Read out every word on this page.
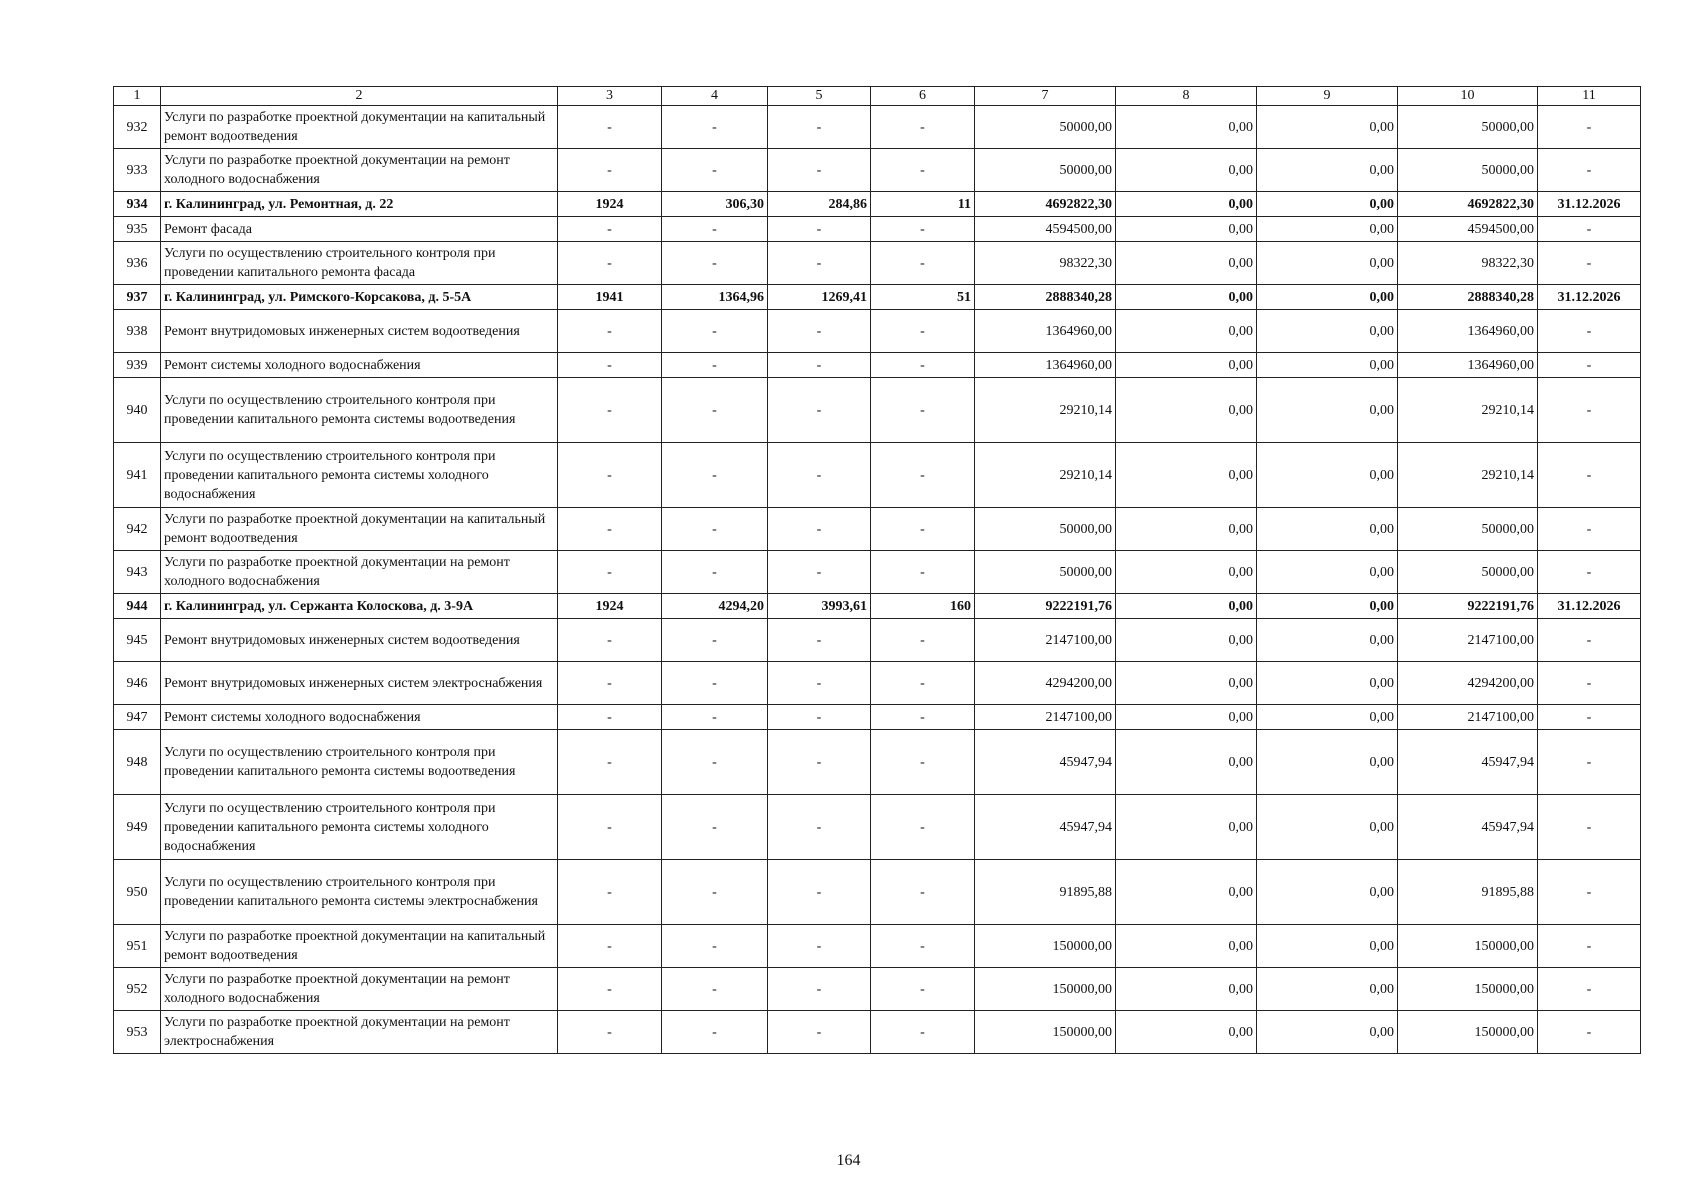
1	2	3	4	5	6	7	8	9	10	11
932	Услуги по разработке проектной документации на капитальный ремонт водоотведения	-	-	-	-	50000,00	0,00	0,00	50000,00	-
933	Услуги по разработке проектной документации на ремонт холодного водоснабжения	-	-	-	-	50000,00	0,00	0,00	50000,00	-
934	г. Калининград, ул. Ремонтная, д. 22	1924	306,30	284,86	11	4692822,30	0,00	0,00	4692822,30	31.12.2026
935	Ремонт фасада	-	-	-	-	4594500,00	0,00	0,00	4594500,00	-
936	Услуги по осуществлению строительного контроля при проведении капитального ремонта фасада	-	-	-	-	98322,30	0,00	0,00	98322,30	-
937	г. Калининград, ул. Римского-Корсакова, д. 5-5А	1941	1364,96	1269,41	51	2888340,28	0,00	0,00	2888340,28	31.12.2026
938	Ремонт внутридомовых инженерных систем водоотведения	-	-	-	-	1364960,00	0,00	0,00	1364960,00	-
939	Ремонт системы холодного водоснабжения	-	-	-	-	1364960,00	0,00	0,00	1364960,00	-
940	Услуги по осуществлению строительного контроля при проведении капитального ремонта системы водоотведения	-	-	-	-	29210,14	0,00	0,00	29210,14	-
941	Услуги по осуществлению строительного контроля при проведении капитального ремонта системы холодного водоснабжения	-	-	-	-	29210,14	0,00	0,00	29210,14	-
942	Услуги по разработке проектной документации на капитальный ремонт водоотведения	-	-	-	-	50000,00	0,00	0,00	50000,00	-
943	Услуги по разработке проектной документации на ремонт холодного водоснабжения	-	-	-	-	50000,00	0,00	0,00	50000,00	-
944	г. Калининград, ул. Сержанта Колоскова, д. 3-9А	1924	4294,20	3993,61	160	9222191,76	0,00	0,00	9222191,76	31.12.2026
945	Ремонт внутридомовых инженерных систем водоотведения	-	-	-	-	2147100,00	0,00	0,00	2147100,00	-
946	Ремонт внутридомовых инженерных систем электроснабжения	-	-	-	-	4294200,00	0,00	0,00	4294200,00	-
947	Ремонт системы холодного водоснабжения	-	-	-	-	2147100,00	0,00	0,00	2147100,00	-
948	Услуги по осуществлению строительного контроля при проведении капитального ремонта системы водоотведения	-	-	-	-	45947,94	0,00	0,00	45947,94	-
949	Услуги по осуществлению строительного контроля при проведении капитального ремонта системы холодного водоснабжения	-	-	-	-	45947,94	0,00	0,00	45947,94	-
950	Услуги по осуществлению строительного контроля при проведении капитального ремонта системы электроснабжения	-	-	-	-	91895,88	0,00	0,00	91895,88	-
951	Услуги по разработке проектной документации на капитальный ремонт водоотведения	-	-	-	-	150000,00	0,00	0,00	150000,00	-
952	Услуги по разработке проектной документации на ремонт холодного водоснабжения	-	-	-	-	150000,00	0,00	0,00	150000,00	-
953	Услуги по разработке проектной документации на ремонт электроснабжения	-	-	-	-	150000,00	0,00	0,00	150000,00	-
164
